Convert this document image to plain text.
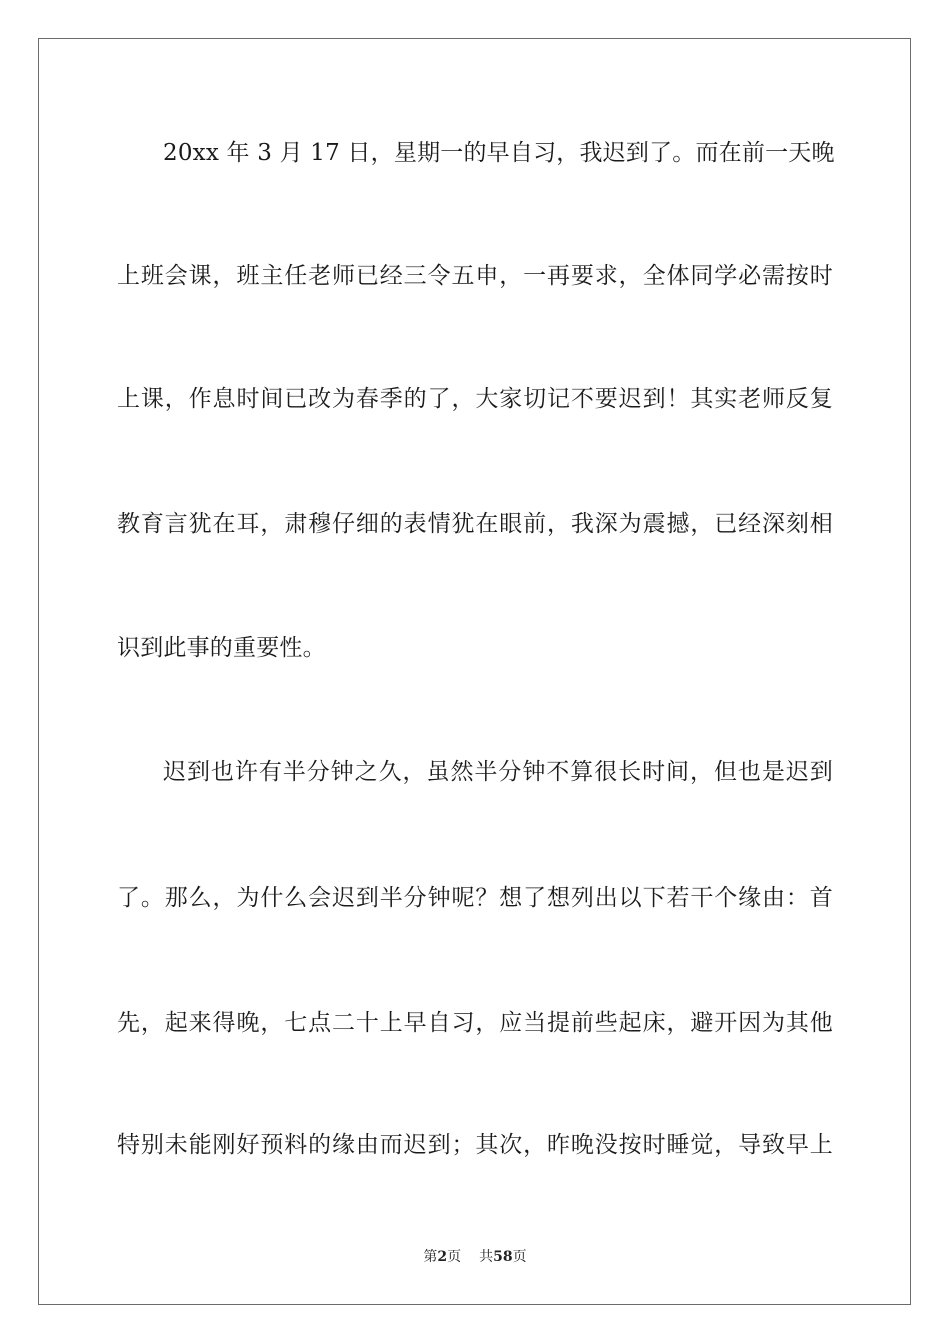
20xx 年 3 月 17 日，星期一的早自习，我迟到了。而在前一天晚
上班会课，班主任老师已经三令五申，一再要求，全体同学必需按时
上课，作息时间已改为春季的了，大家切记不要迟到！其实老师反复
教育言犹在耳，肃穆仔细的表情犹在眼前，我深为震撼，已经深刻相
识到此事的重要性。
迟到也许有半分钟之久，虽然半分钟不算很长时间，但也是迟到
了。那么，为什么会迟到半分钟呢？想了想列出以下若干个缘由：首
先，起来得晚，七点二十上早自习，应当提前些起床，避开因为其他
特别未能刚好预料的缘由而迟到；其次，昨晚没按时睡觉，导致早上
第2页 共58页
